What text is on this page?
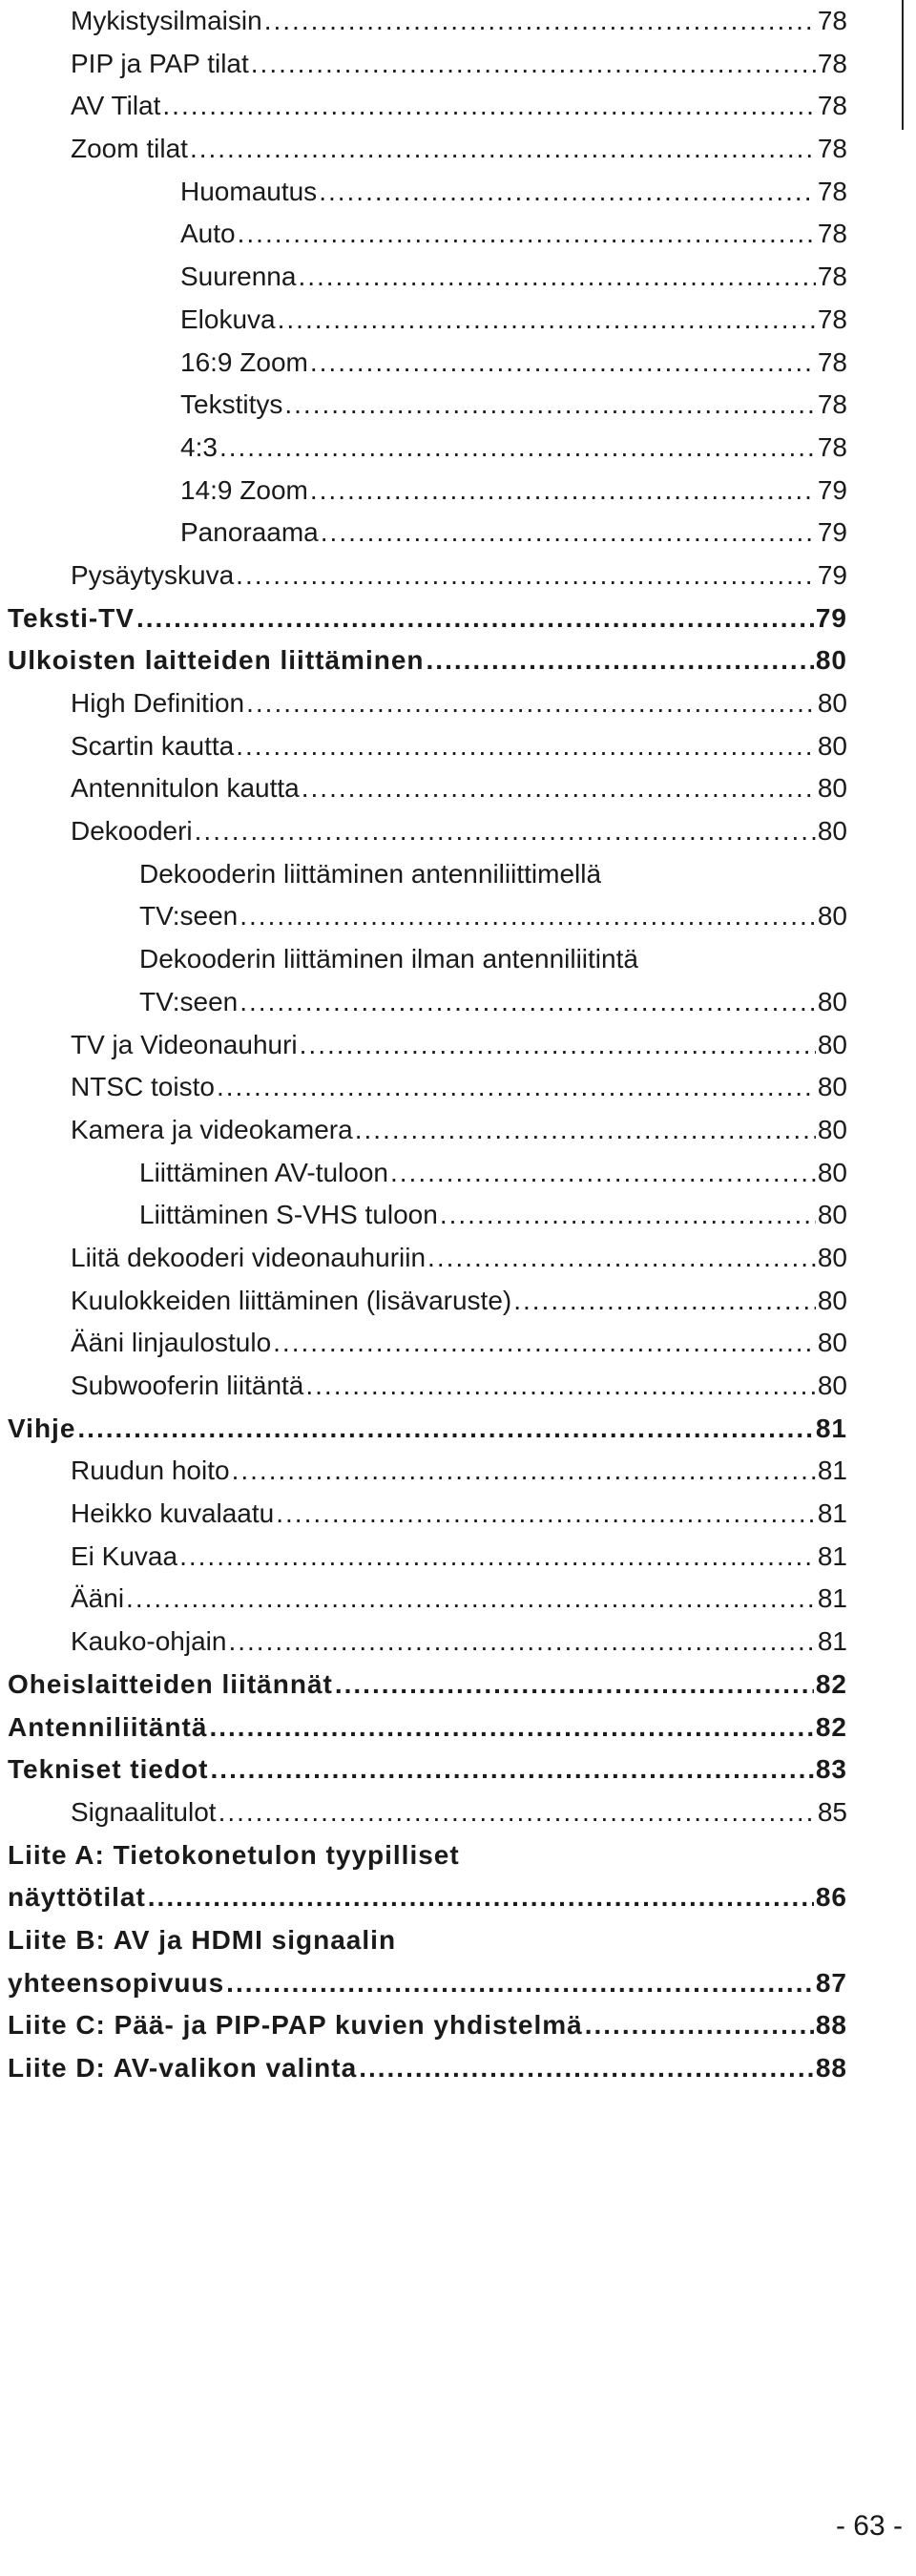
Mykistysilmaisin .....	78
PIP ja PAP tilat .....	78
AV Tilat .....	78
Zoom tilat .....	78
Huomautus .....	78
Auto .....	78
Suurenna .....	78
Elokuva .....	78
16:9 Zoom .....	78
Tekstitys .....	78
4:3 .....	78
14:9 Zoom .....	79
Panoraama .....	79
Pysäytyskuva .....	79
Teksti-TV .....	79
Ulkoisten laitteiden liittäminen .....	80
High Definition .....	80
Scartin kautta .....	80
Antennitulon kautta .....	80
Dekooderi .....	80
Dekooderin liittäminen antenniliittimellä
TV:seen .....	80
Dekooderin liittäminen ilman antenniliitintä
TV:seen .....	80
TV ja Videonauhuri .....	80
NTSC toisto .....	80
Kamera ja videokamera .....	80
Liittäminen AV-tuloon .....	80
Liittäminen S-VHS tuloon .....	80
Liitä dekooderi videonauhuriin .....	80
Kuulokkeiden liittäminen (lisävaruste) .....	80
Ääni linjaulostulo .....	80
Subwooferin liitäntä .....	80
Vihje .....	81
Ruudun hoito .....	81
Heikko kuvalaatu .....	81
Ei Kuvaa .....	81
Ääni .....	81
Kauko-ohjain .....	81
Oheislaitteiden liitännät .....	82
Antenniliitäntä .....	82
Tekniset tiedot .....	83
Signaalitulot .....	85
Liite A: Tietokonetulon tyypilliset
näyttötilat .....	86
Liite B: AV ja HDMI signaalin
yhteensopivuus .....	87
Liite C: Pää- ja PIP-PAP kuvien yhdistelmä .....	88
Liite D: AV-valikon valinta .....	88
- 63 -
